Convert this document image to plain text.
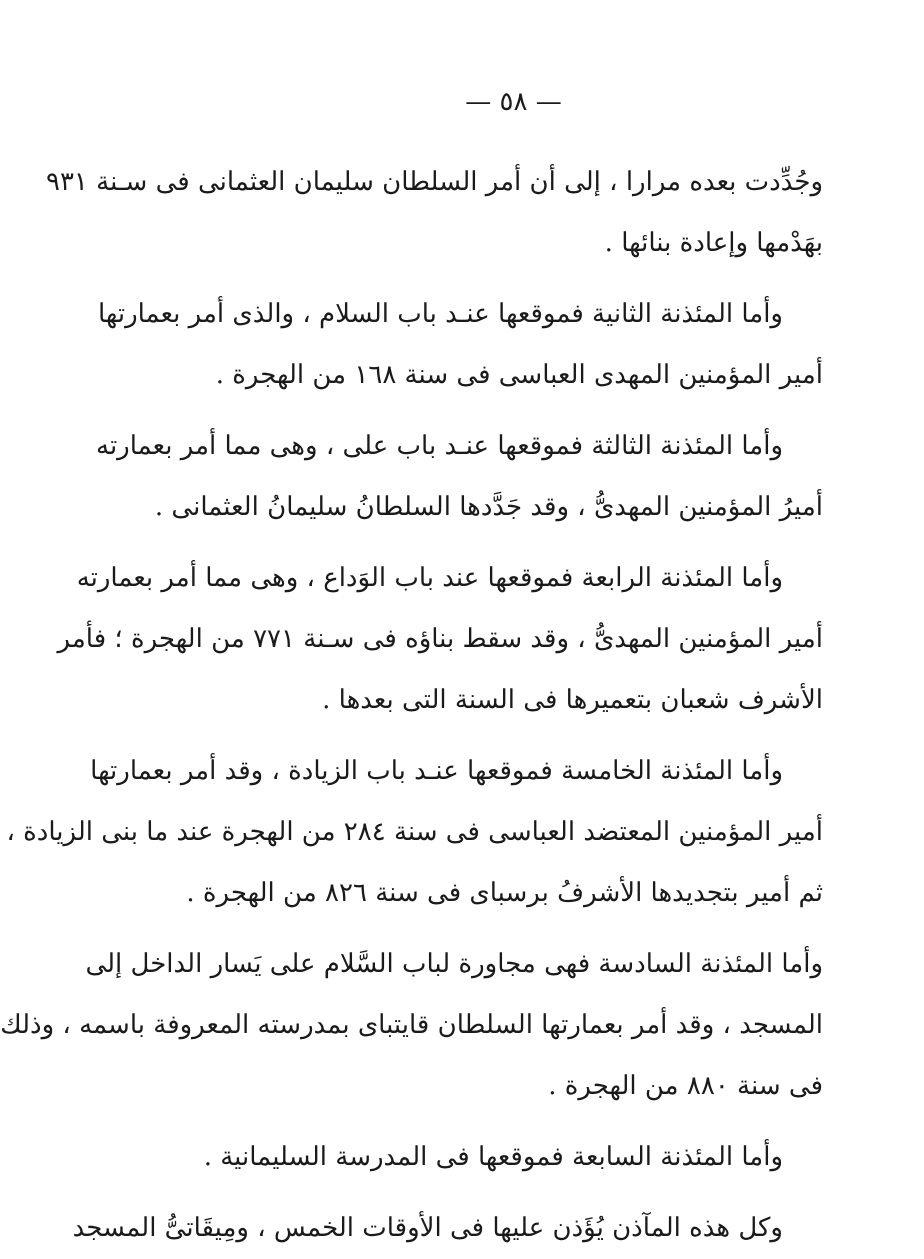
— ٥٨ —
وجُدِّدت بعده مرارا ، إلى أن أمر السلطان سليمان العثمانى فى سـنة ٩٣١
بهَدْمها وإعادة بنائها .
وأما المئذنة الثانية فموقعها عنـد باب السلام ، والذى أمر بعمارتها
أمير المؤمنين المهدى العباسى فى سنة ١٦٨ من الهجرة .
وأما المئذنة الثالثة فموقعها عنـد باب على ، وهى مما أمر بعمارته
أميرُ المؤمنين المهدىُّ ، وقد جَدَّدها السلطانُ سليمانُ العثمانى .
وأما المئذنة الرابعة فموقعها عند باب الوَداع ، وهى مما أمر بعمارته
أمير المؤمنين المهدىُّ ، وقد سقط بناؤه فى سـنة ٧٧١ من الهجرة ؛ فأمر
الأشرف شعبان بتعميرها فى السنة التى بعدها .
وأما المئذنة الخامسة فموقعها عنـد باب الزيادة ، وقد أمر بعمارتها
أمير المؤمنين المعتضد العباسى فى سنة ٢٨٤ من الهجرة عند ما بنى الزيادة ،
ثم أمير بتجديدها الأشرفُ برسباى فى سنة ٨٢٦ من الهجرة .
وأما المئذنة السادسة فهى مجاورة لباب السَّلام على يَسار الداخل إلى
المسجد ، وقد أمر بعمارتها السلطان قايتباى بمدرسته المعروفة باسمه ، وذلك
فى سنة ٨٨٠ من الهجرة .
وأما المئذنة السابعة فموقعها فى المدرسة السليمانية .
وكل هذه المآذن يُؤَذن عليها فى الأوقات الخمس ، ومِيقَاتىُّ المسجد
